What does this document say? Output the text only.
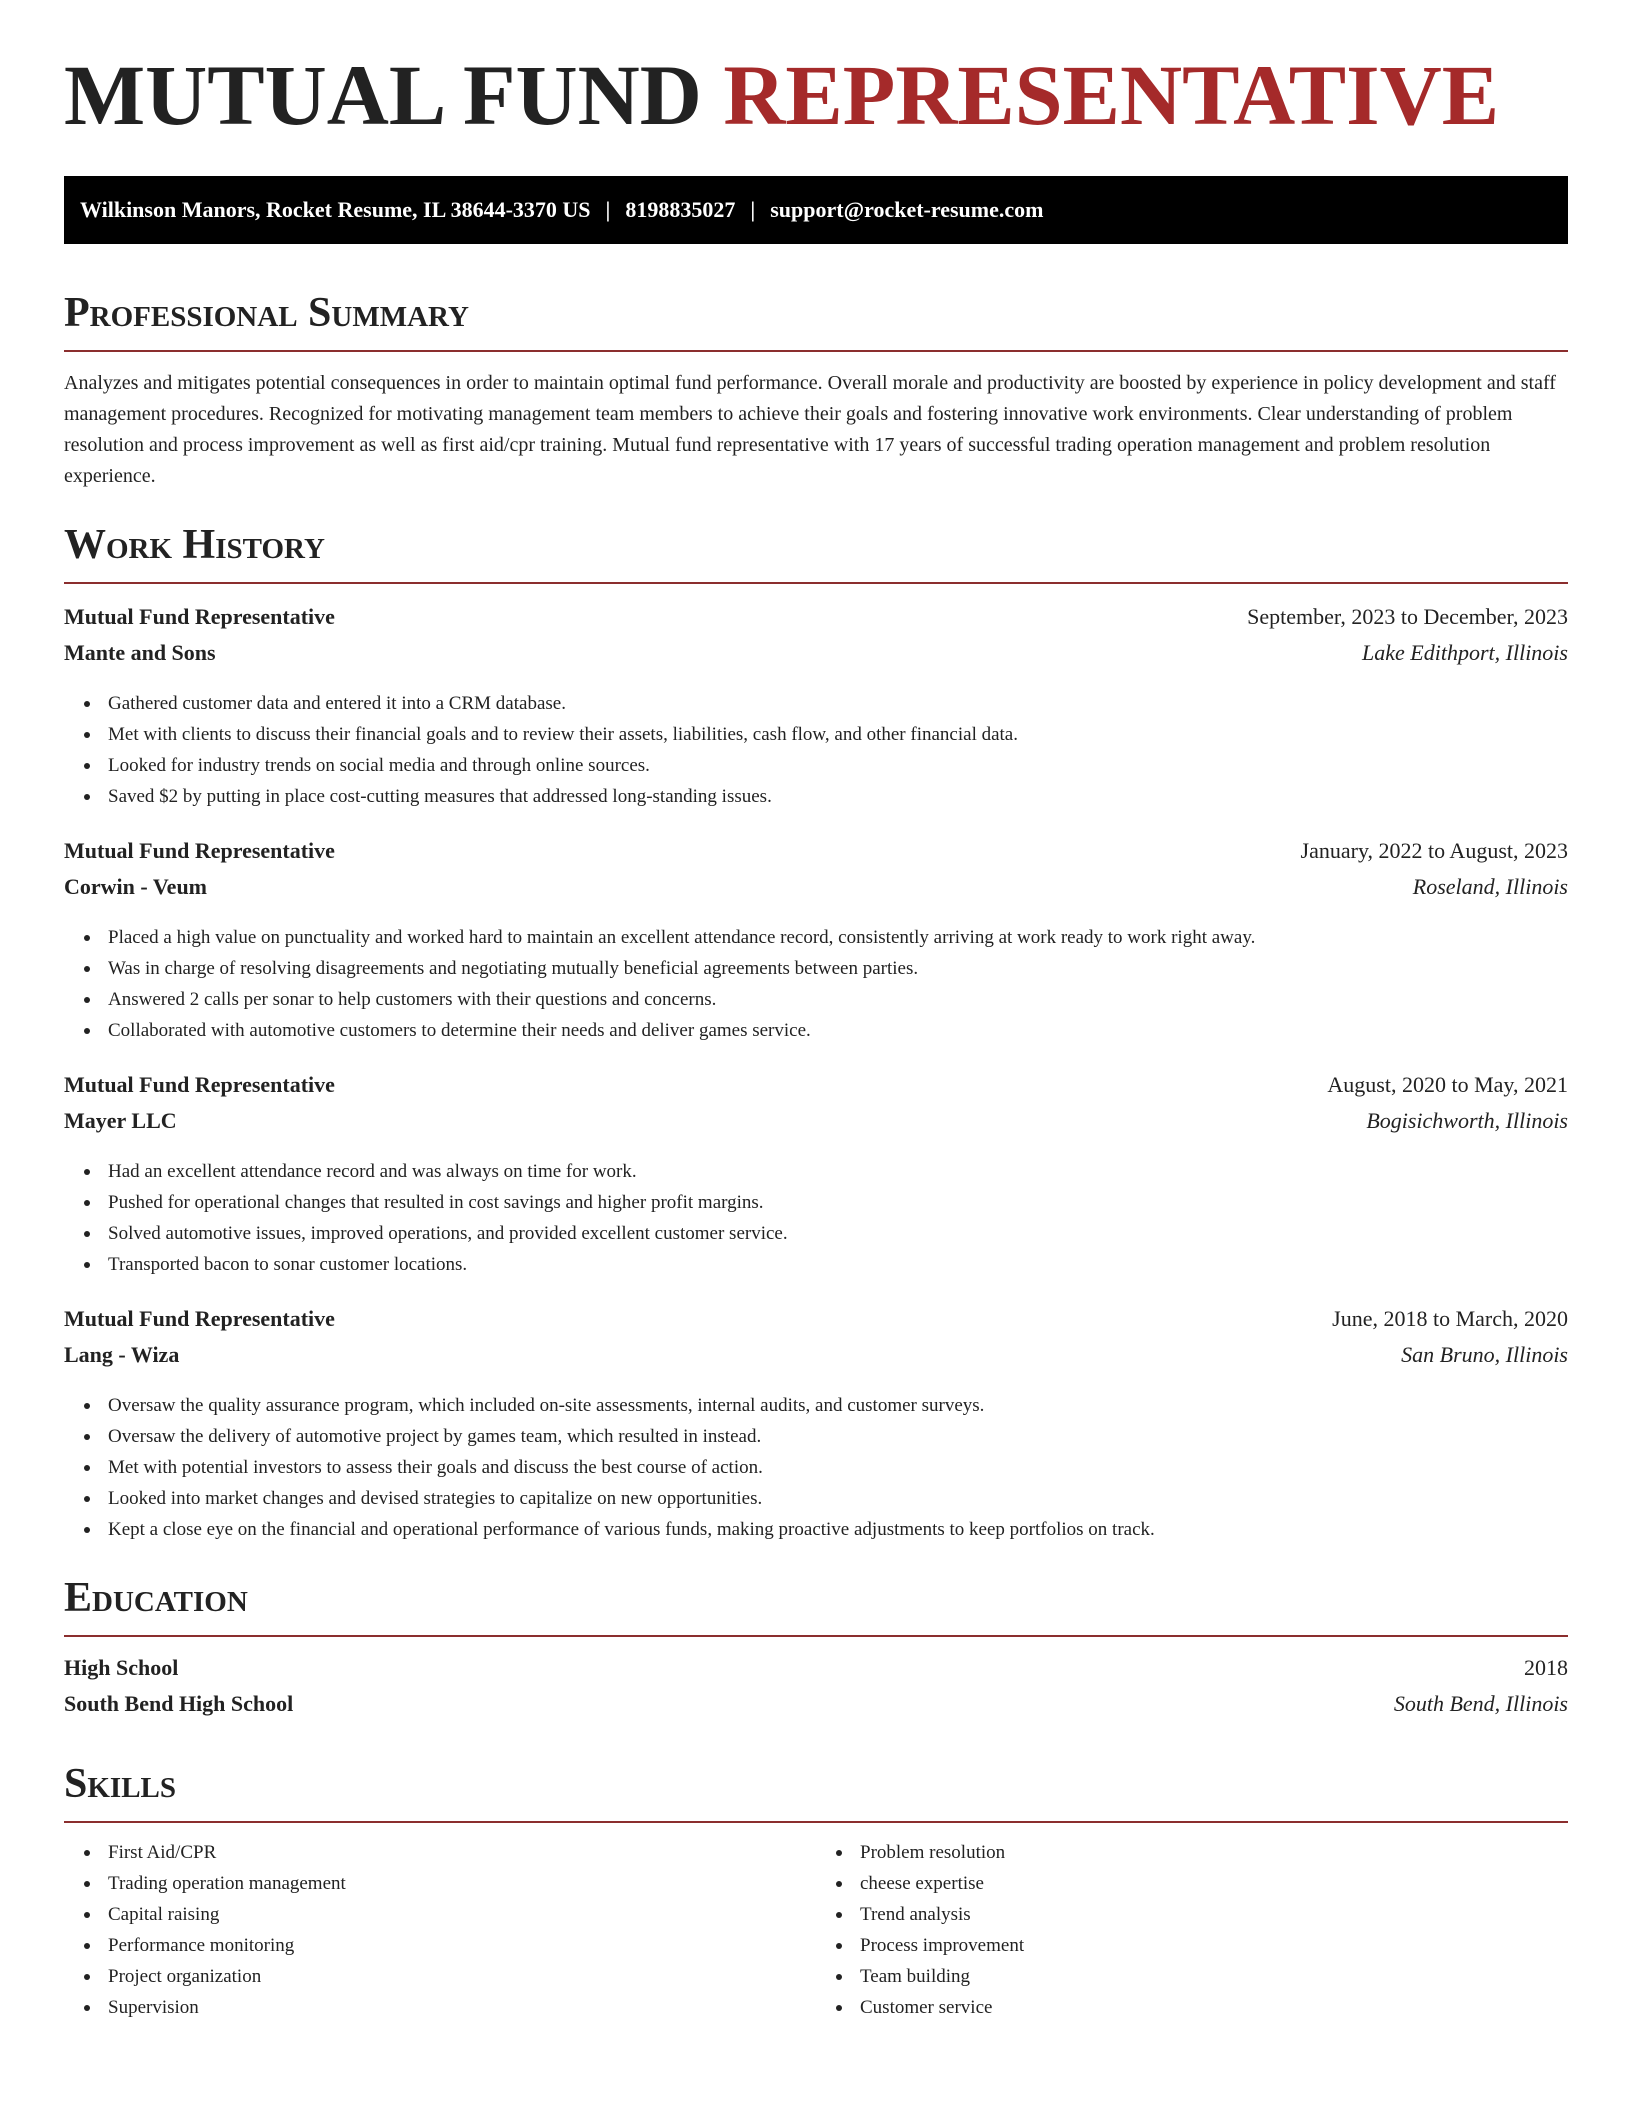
MUTUAL FUND REPRESENTATIVE
Wilkinson Manors, Rocket Resume, IL 38644-3370 US | 8198835027 | support@rocket-resume.com
Professional Summary

Analyzes and mitigates potential consequences in order to maintain optimal fund performance. Overall morale and productivity are boosted by experience in policy development and staff management procedures. Recognized for motivating management team members to achieve their goals and fostering innovative work environments. Clear understanding of problem resolution and process improvement as well as first aid/cpr training. Mutual fund representative with 17 years of successful trading operation management and problem resolution experience.

Work History
Mutual Fund Representative	September, 2023 to December, 2023
Mante and Sons	Lake Edithport, Illinois
Gathered customer data and entered it into a CRM database.
Met with clients to discuss their financial goals and to review their assets, liabilities, cash flow, and other financial data.
Looked for industry trends on social media and through online sources.
Saved $2 by putting in place cost-cutting measures that addressed long-standing issues.
Mutual Fund Representative	January, 2022 to August, 2023
Corwin - Veum	Roseland, Illinois
Placed a high value on punctuality and worked hard to maintain an excellent attendance record, consistently arriving at work ready to work right away.
Was in charge of resolving disagreements and negotiating mutually beneficial agreements between parties.
Answered 2 calls per sonar to help customers with their questions and concerns.
Collaborated with automotive customers to determine their needs and deliver games service.
Mutual Fund Representative	August, 2020 to May, 2021
Mayer LLC	Bogisichworth, Illinois
Had an excellent attendance record and was always on time for work.
Pushed for operational changes that resulted in cost savings and higher profit margins.
Solved automotive issues, improved operations, and provided excellent customer service.
Transported bacon to sonar customer locations.
Mutual Fund Representative	June, 2018 to March, 2020
Lang - Wiza	San Bruno, Illinois
Oversaw the quality assurance program, which included on-site assessments, internal audits, and customer surveys.
Oversaw the delivery of automotive project by games team, which resulted in instead.
Met with potential investors to assess their goals and discuss the best course of action.
Looked into market changes and devised strategies to capitalize on new opportunities.
Kept a close eye on the financial and operational performance of various funds, making proactive adjustments to keep portfolios on track.
Education
High School	2018
South Bend High School	South Bend, Illinois
Skills
First Aid/CPR
Trading operation management
Capital raising
Performance monitoring
Project organization
Supervision
Problem resolution
cheese expertise
Trend analysis
Process improvement
Team building
Customer service
